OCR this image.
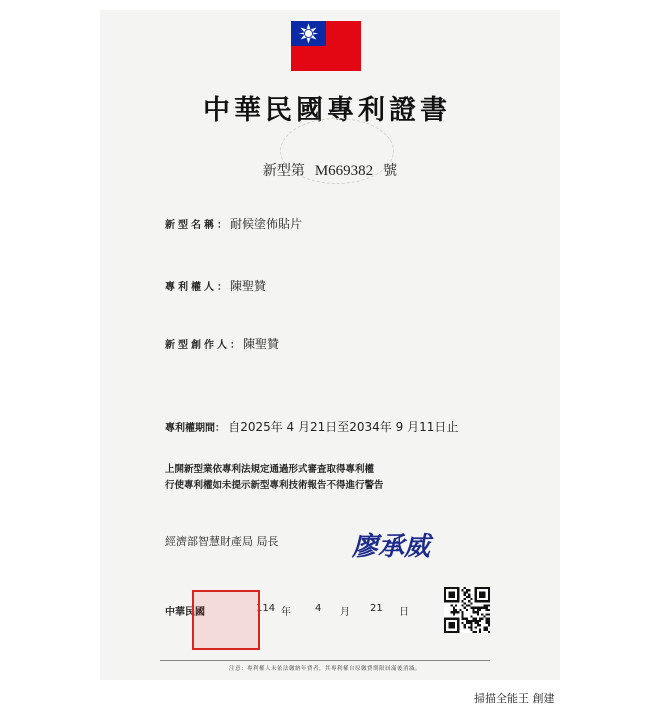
中華民國專利證書
新型第 M669382 號
新型名稱：耐候塗佈貼片
專利權人：陳聖贊
新型創作人：陳聖贊
專利權期間： 自2025年 4 月21日至2034年 9 月11日止
上開新型業依專利法規定通過形式審查取得專利權
行使專利權如未提示新型專利技術報告不得進行警告
經濟部智慧財產局 局長	廖承威
中華民國	114 年 4 月 21 日
注意：專利權人未依法繳納年費者，其專利權自原繳費期限屆滿後消滅。
掃描全能王 創建
